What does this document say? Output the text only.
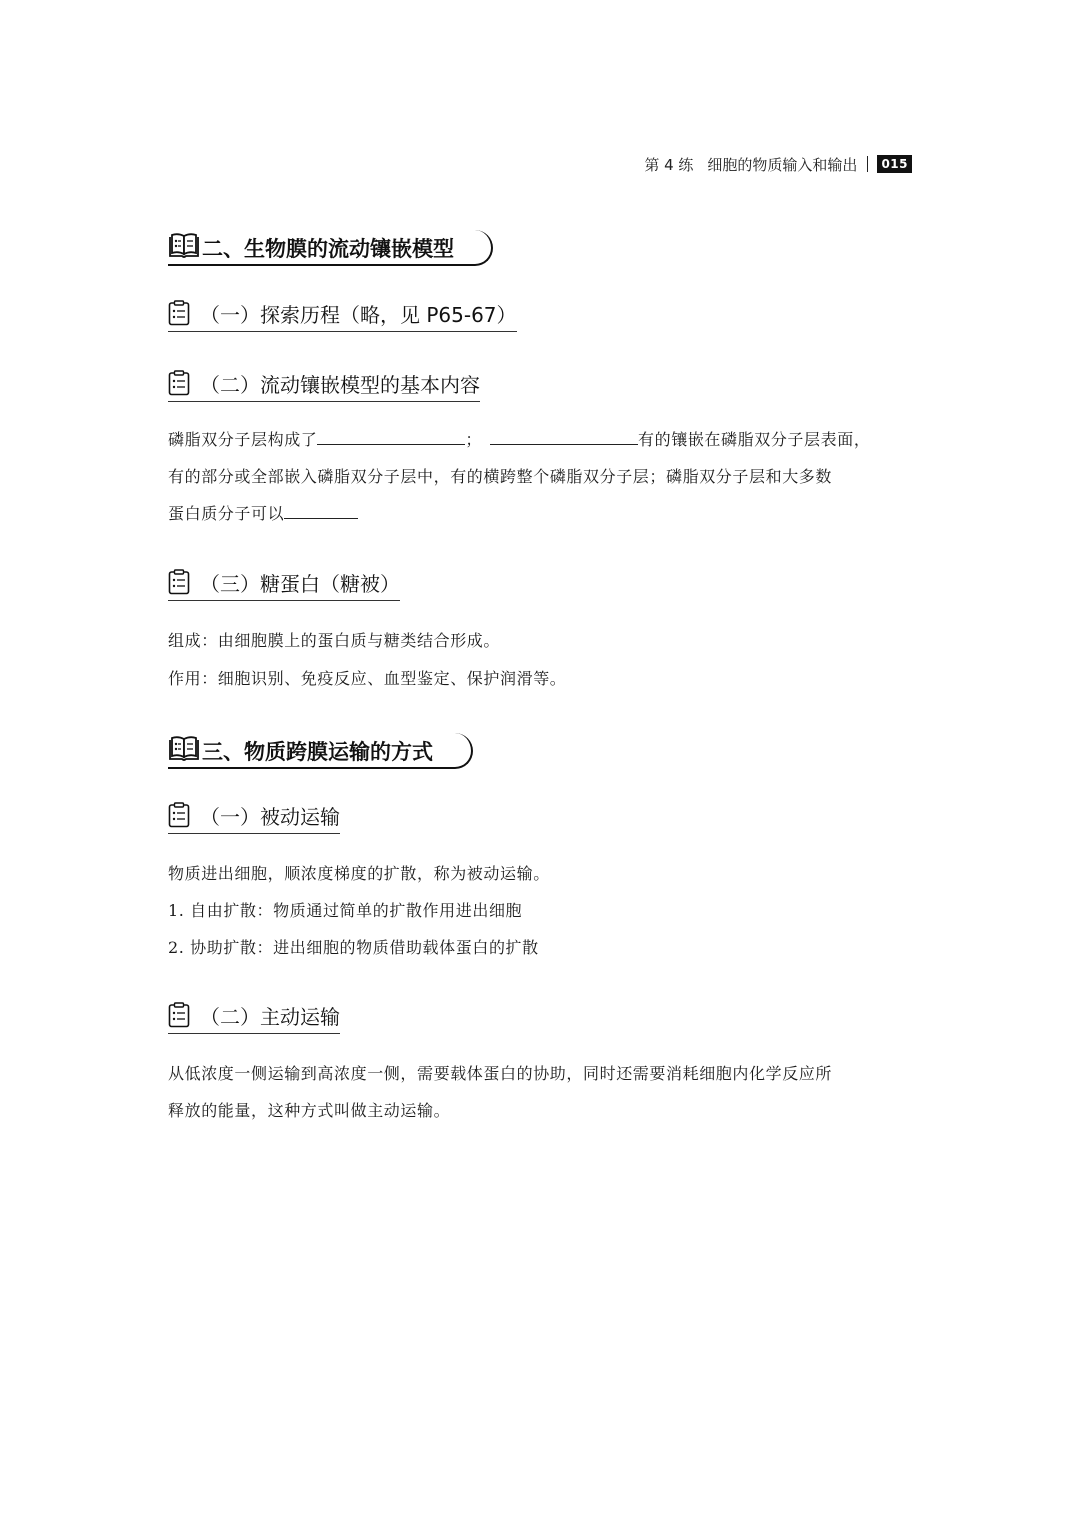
第 4 练 细胞的物质输入和输出	015
二、生物膜的流动镶嵌模型
（一）探索历程（略，见 P65-67）
（二）流动镶嵌模型的基本内容
磷脂双分子层构成了	；	有的镶嵌在磷脂双分子层表面，
有的部分或全部嵌入磷脂双分子层中，有的横跨整个磷脂双分子层；磷脂双分子层和大多数
蛋白质分子可以
（三）糖蛋白（糖被）
组成：由细胞膜上的蛋白质与糖类结合形成。
作用：细胞识别、免疫反应、血型鉴定、保护润滑等。
三、物质跨膜运输的方式
（一）被动运输
物质进出细胞，顺浓度梯度的扩散，称为被动运输。
1. 自由扩散：物质通过简单的扩散作用进出细胞
2. 协助扩散：进出细胞的物质借助载体蛋白的扩散
（二）主动运输
从低浓度一侧运输到高浓度一侧，需要载体蛋白的协助，同时还需要消耗细胞内化学反应所
释放的能量，这种方式叫做主动运输。
